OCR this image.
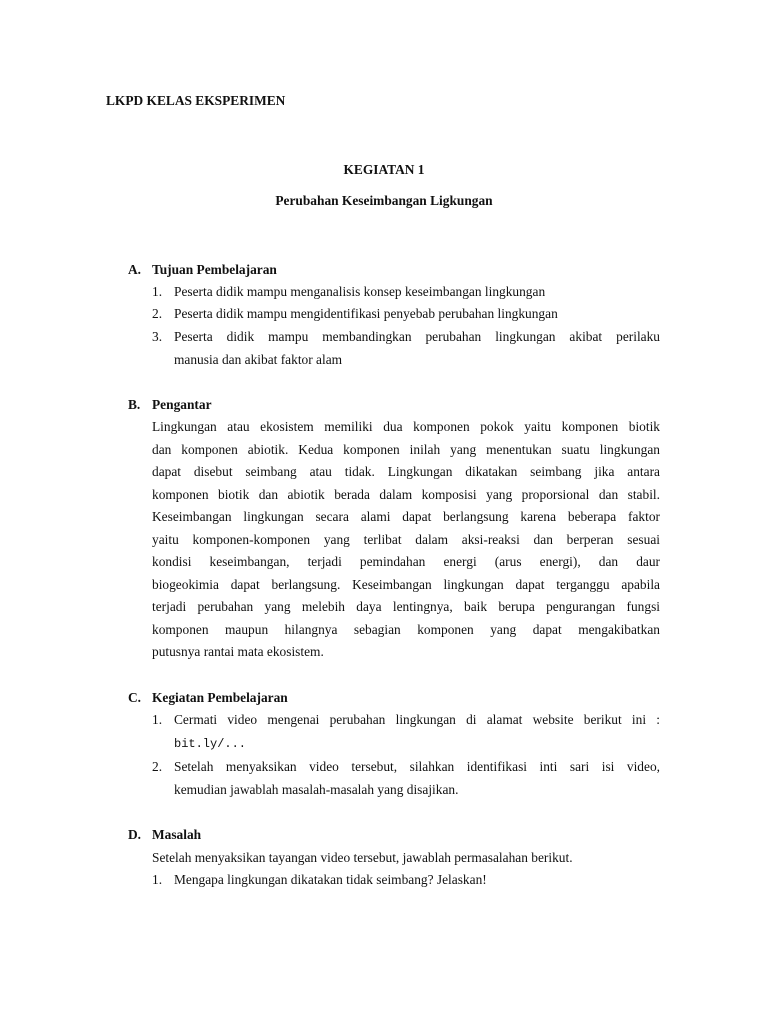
LKPD KELAS EKSPERIMEN
KEGIATAN 1
Perubahan Keseimbangan Ligkungan
A. Tujuan Pembelajaran
1. Peserta didik mampu menganalisis konsep keseimbangan lingkungan
2. Peserta didik mampu mengidentifikasi penyebab perubahan lingkungan
3. Peserta didik mampu membandingkan perubahan lingkungan akibat perilaku
manusia dan akibat faktor alam
B. Pengantar
Lingkungan atau ekosistem memiliki dua komponen pokok yaitu komponen biotik
dan komponen abiotik. Kedua komponen inilah yang menentukan suatu lingkungan
dapat disebut seimbang atau tidak. Lingkungan dikatakan seimbang jika antara
komponen biotik dan abiotik berada dalam komposisi yang proporsional dan stabil.
Keseimbangan lingkungan secara alami dapat berlangsung karena beberapa faktor
yaitu komponen-komponen yang terlibat dalam aksi-reaksi dan berperan sesuai
kondisi keseimbangan, terjadi pemindahan energi (arus energi), dan daur
biogeokimia dapat berlangsung. Keseimbangan lingkungan dapat terganggu apabila
terjadi perubahan yang melebih daya lentingnya, baik berupa pengurangan fungsi
komponen maupun hilangnya sebagian komponen yang dapat mengakibatkan
putusnya rantai mata ekosistem.
C. Kegiatan Pembelajaran
1. Cermati video mengenai perubahan lingkungan di alamat website berikut ini :
bit.ly/...
2. Setelah menyaksikan video tersebut, silahkan identifikasi inti sari isi video,
kemudian jawablah masalah-masalah yang disajikan.
D. Masalah
Setelah menyaksikan tayangan video tersebut, jawablah permasalahan berikut.
1. Mengapa lingkungan dikatakan tidak seimbang? Jelaskan!
